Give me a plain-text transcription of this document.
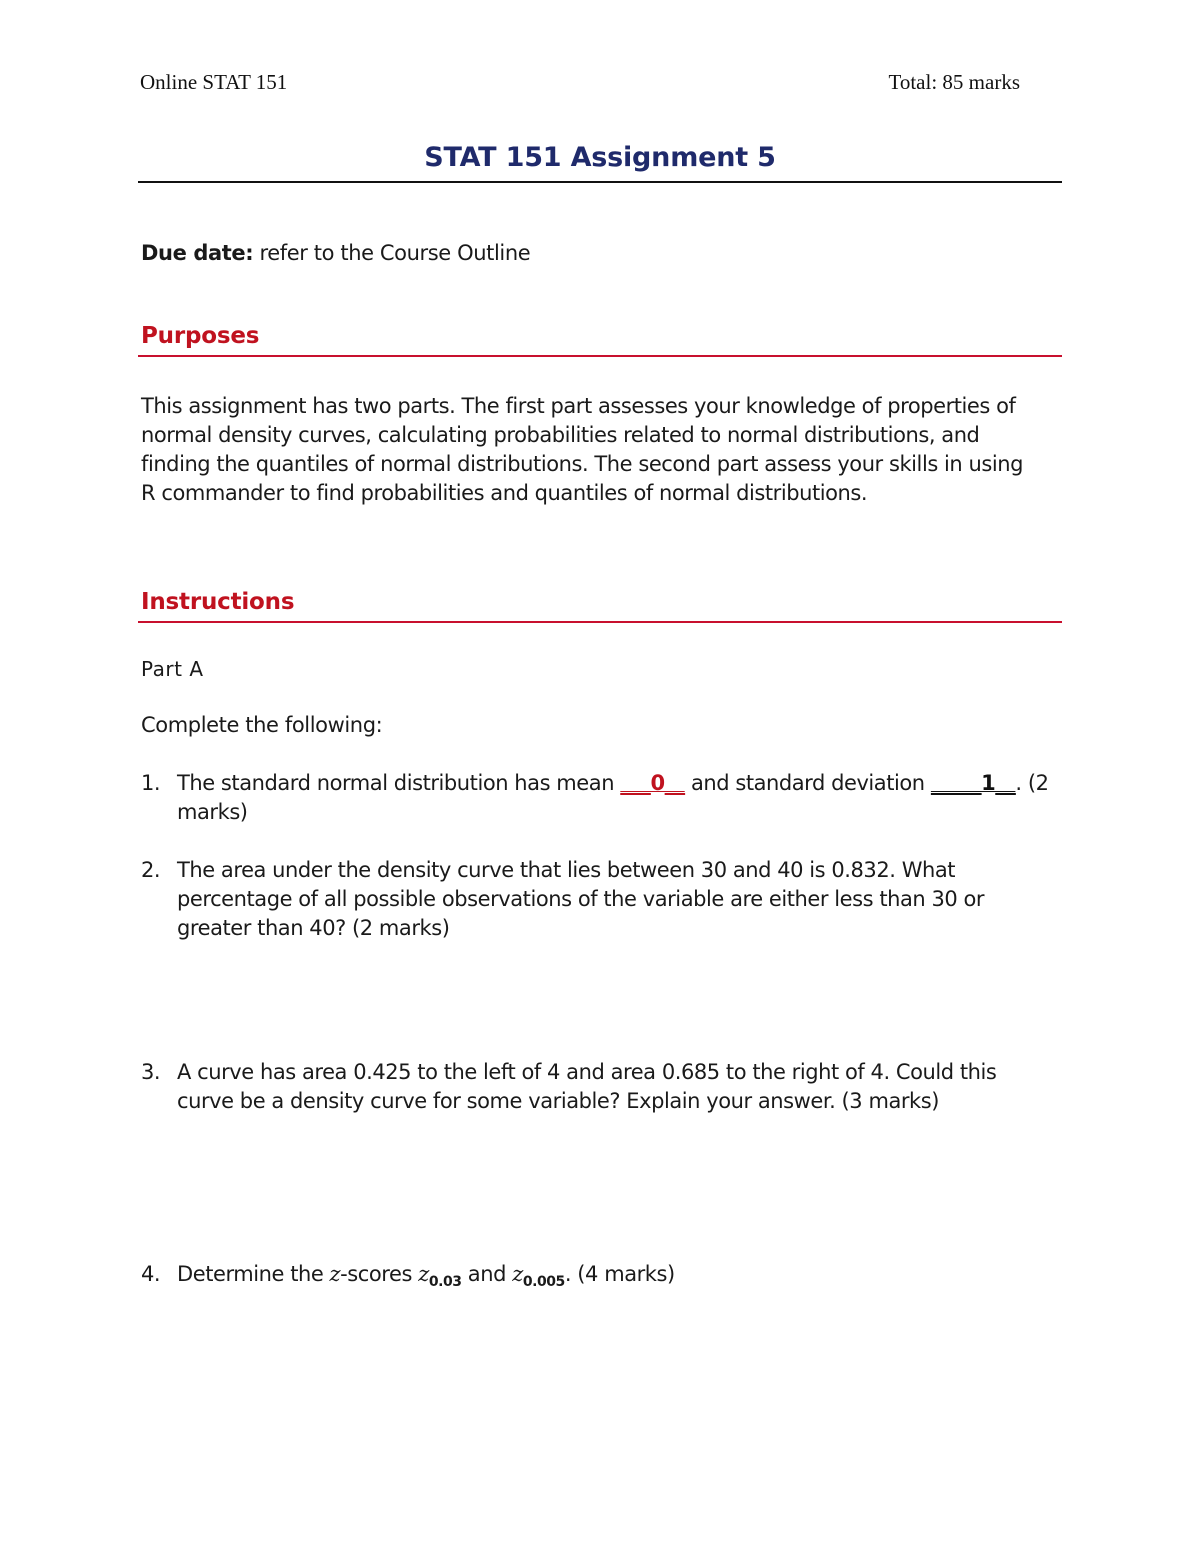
Online STAT 151	Total: 85 marks
STAT 151 Assignment 5
Due date: refer to the Course Outline
Purposes
This assignment has two parts. The first part assesses your knowledge of properties of normal density curves, calculating probabilities related to normal distributions, and finding the quantiles of normal distributions. The second part assess your skills in using R commander to find probabilities and quantiles of normal distributions.
Instructions
Part A
Complete the following:
1. The standard normal distribution has mean ___0__ and standard deviation _____1__. (2 marks)
2. The area under the density curve that lies between 30 and 40 is 0.832. What percentage of all possible observations of the variable are either less than 30 or greater than 40? (2 marks)
3. A curve has area 0.425 to the left of 4 and area 0.685 to the right of 4. Could this curve be a density curve for some variable? Explain your answer. (3 marks)
4. Determine the z-scores $z_{0.03}$ and $z_{0.005}$. (4 marks)
